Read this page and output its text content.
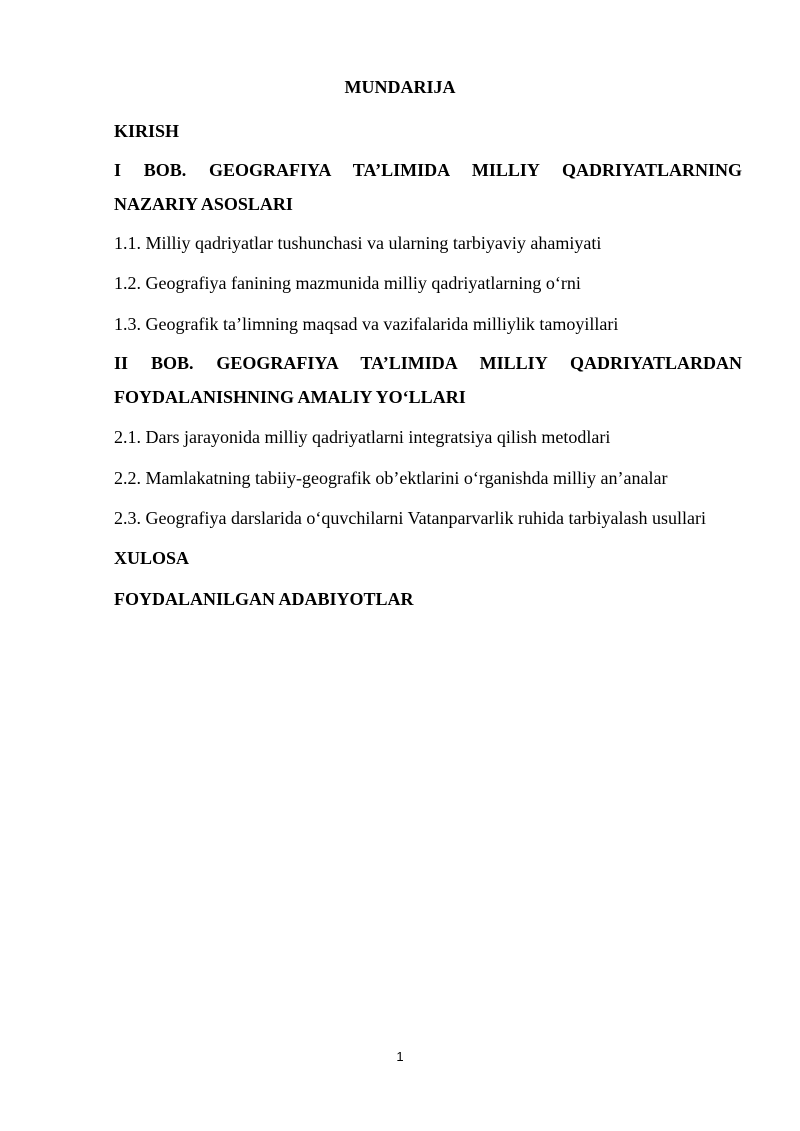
MUNDARIJA

KIRISH

I BOB. GEOGRAFIYA TA’LIMIDA MILLIY QADRIYATLARNING
NAZARIY ASOSLARI

1.1. Milliy qadriyatlar tushunchasi va ularning tarbiyaviy ahamiyati

1.2. Geografiya fanining mazmunida milliy qadriyatlarning o‘rni

1.3. Geografik ta’limning maqsad va vazifalarida milliylik tamoyillari

II BOB. GEOGRAFIYA TA’LIMIDA MILLIY QADRIYATLARDAN
FOYDALANISHNING AMALIY YO‘LLARI

2.1. Dars jarayonida milliy qadriyatlarni integratsiya qilish metodlari

2.2. Mamlakatning tabiiy-geografik ob’ektlarini o‘rganishda milliy an’analar

2.3. Geografiya darslarida o‘quvchilarni Vatanparvarlik ruhida tarbiyalash usullari

XULOSA

FOYDALANILGAN ADABIYOTLAR

1
